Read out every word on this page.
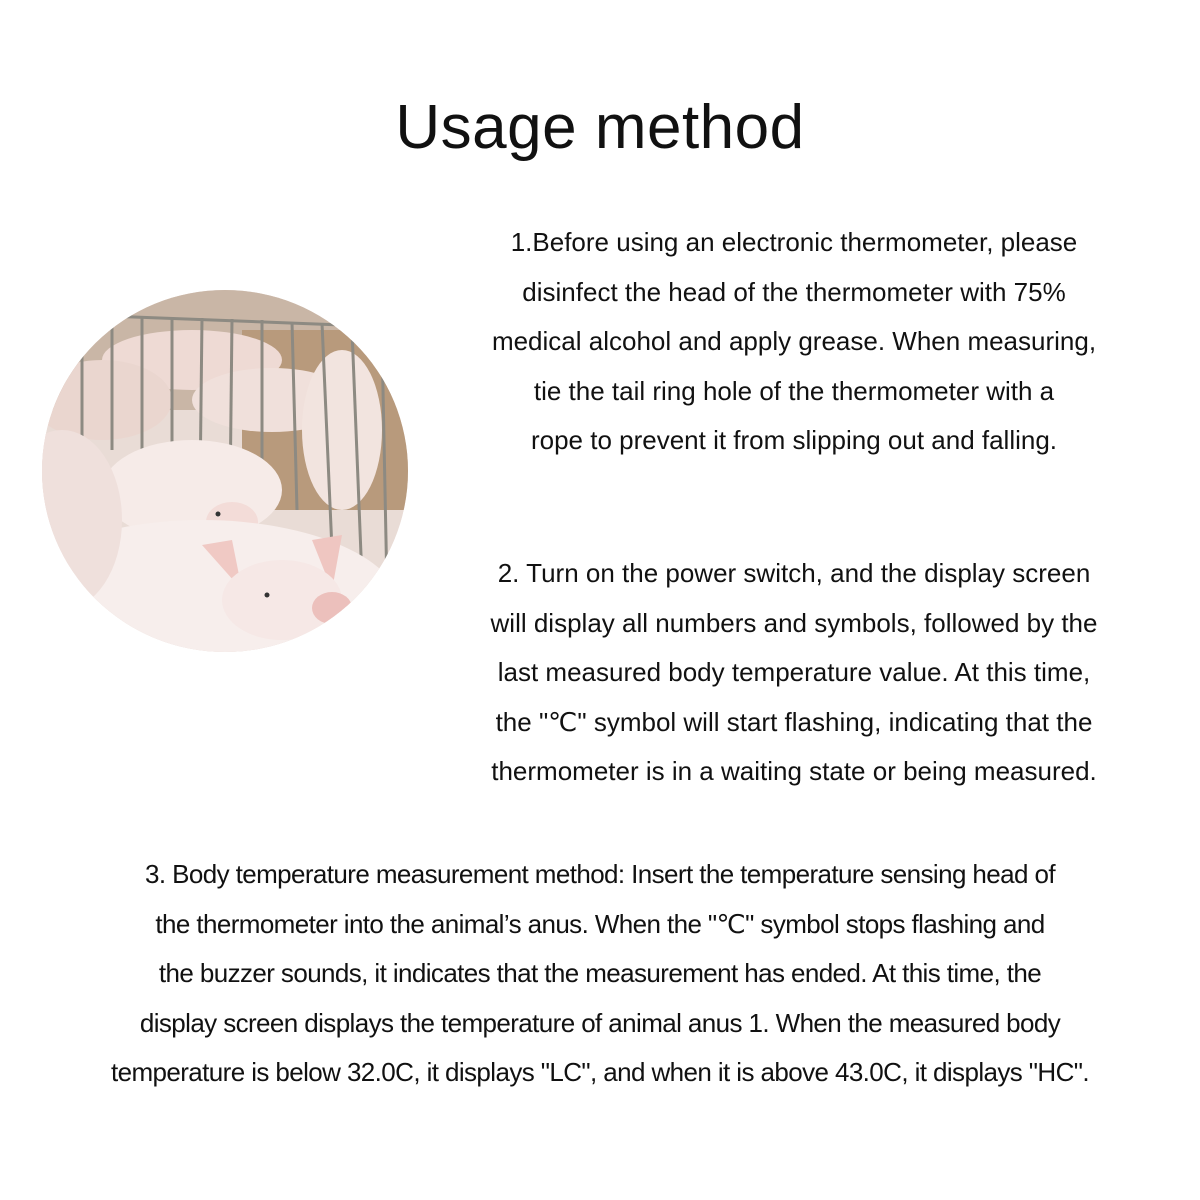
Usage method
1.Before using an electronic thermometer, please
disinfect the head of the thermometer with 75%
medical alcohol and apply grease. When measuring,
tie the tail ring hole of the thermometer with a
rope to prevent it from slipping out and falling.
2. Turn on the power switch, and the display screen
will display all numbers and symbols, followed by the
last measured body temperature value. At this time,
the "℃" symbol will start flashing, indicating that the
thermometer is in a waiting state or being measured.
3. Body temperature measurement method: Insert the temperature sensing head of
the thermometer into the animal’s anus. When the "℃" symbol stops flashing and
the buzzer sounds, it indicates that the measurement has ended. At this time, the
display screen displays the temperature of animal anus 1. When the measured body
temperature is below 32.0C, it displays "LC", and when it is above 43.0C, it displays "HC".
